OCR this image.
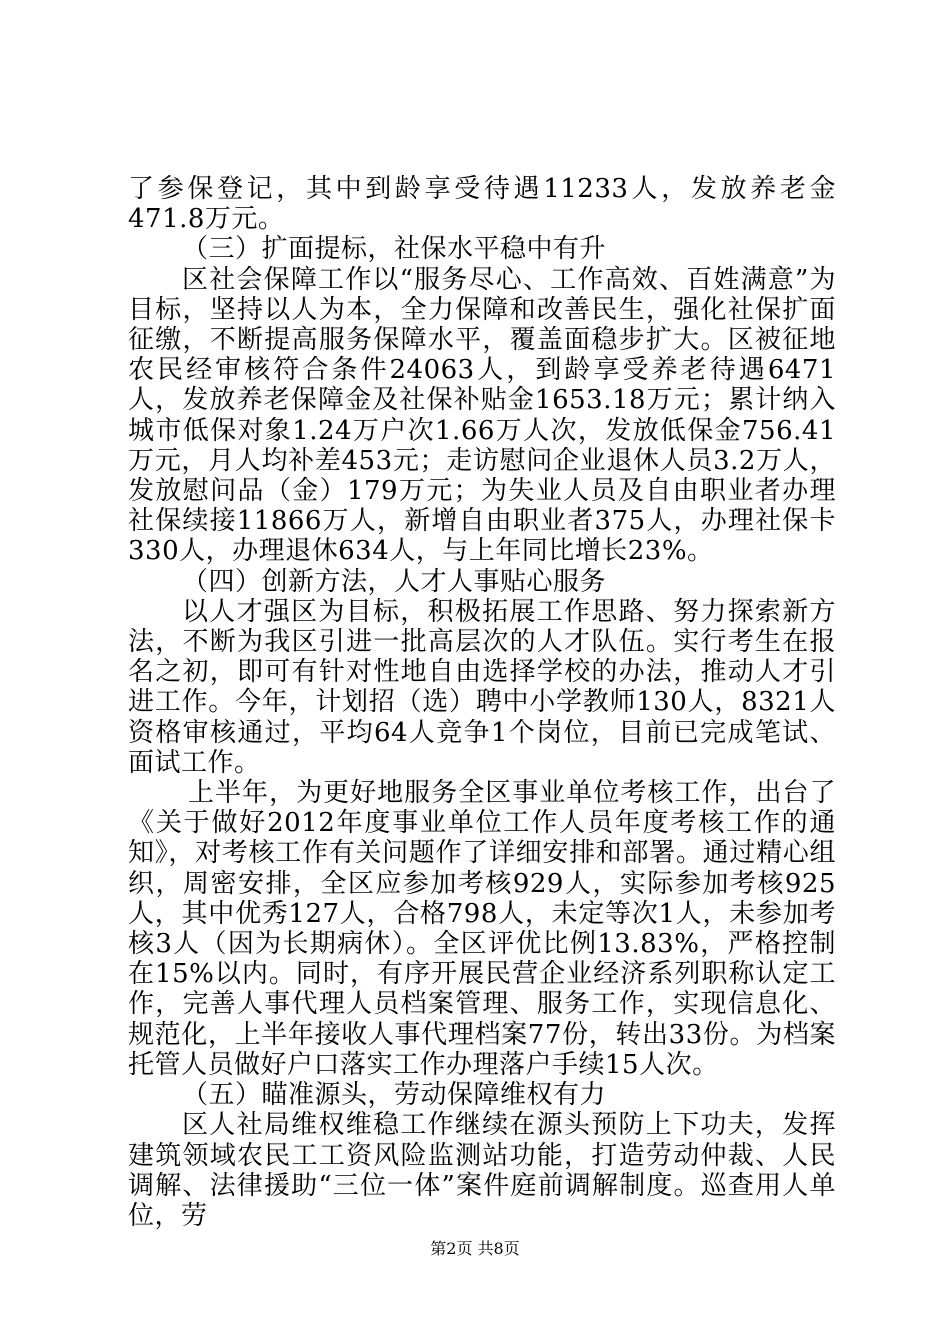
了参保登记，其中到龄享受待遇11233人，发放养老金471.8万元。

（三）扩面提标，社保水平稳中有升

区社会保障工作以“服务尽心、工作高效、百姓满意”为目标，坚持以人为本，全力保障和改善民生，强化社保扩面征缴，不断提高服务保障水平，覆盖面稳步扩大。区被征地农民经审核符合条件24063人，到龄享受养老待遇6471人，发放养老保障金及社保补贴金1653.18万元；累计纳入城市低保对象1.24万户次1.66万人次，发放低保金756.41万元，月人均补差453元；走访慰问企业退休人员3.2万人，发放慰问品（金）179万元；为失业人员及自由职业者办理社保续接11866万人，新增自由职业者375人，办理社保卡330人，办理退休634人，与上年同比增长23%。

（四）创新方法，人才人事贴心服务

以人才强区为目标，积极拓展工作思路、努力探索新方法，不断为我区引进一批高层次的人才队伍。实行考生在报名之初，即可有针对性地自由选择学校的办法，推动人才引进工作。今年，计划招（选）聘中小学教师130人，8321人资格审核通过，平均64人竞争1个岗位，目前已完成笔试、面试工作。

上半年，为更好地服务全区事业单位考核工作，出台了《关于做好2012年度事业单位工作人员年度考核工作的通知》，对考核工作有关问题作了详细安排和部署。通过精心组织，周密安排，全区应参加考核929人，实际参加考核925人，其中优秀127人，合格798人，未定等次1人，未参加考核3人（因为长期病休）。全区评优比例13.83%，严格控制在15%以内。同时，有序开展民营企业经济系列职称认定工作，完善人事代理人员档案管理、服务工作，实现信息化、规范化，上半年接收人事代理档案77份，转出33份。为档案托管人员做好户口落实工作办理落户手续15人次。

（五）瞄准源头，劳动保障维权有力

区人社局维权维稳工作继续在源头预防上下功夫，发挥建筑领域农民工工资风险监测站功能，打造劳动仲裁、人民调解、法律援助“三位一体”案件庭前调解制度。巡查用人单位，劳

第2页 共8页
